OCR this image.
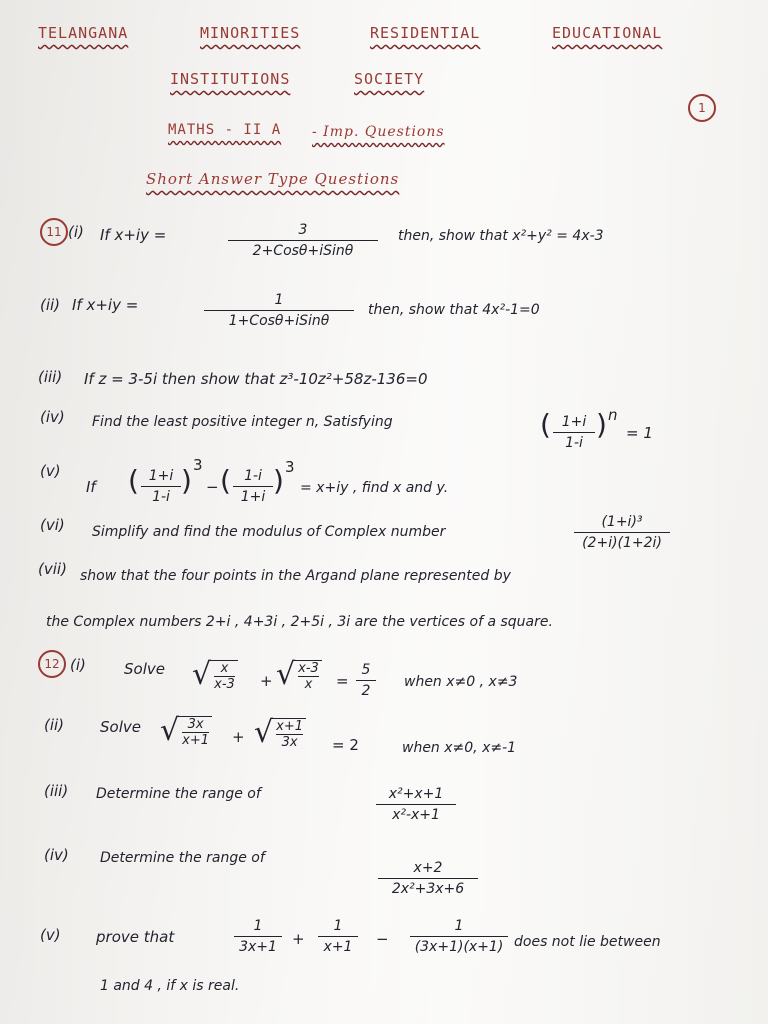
TELANGANA	MINORITIES	RESIDENTIAL	EDUCATIONAL
INSTITUTIONS	SOCIETY
1
MATHS - II A - Imp. Questions
Short Answer Type Questions
11 (i) If x+iy =	3
2+Cosθ+iSinθ
then, show that x²+y² = 4x-3
(ii) If x+iy =	1
1+Cosθ+iSinθ
then, show that 4x²-1=0
(iii) If z = 3-5i then show that z³-10z²+58z-136=0
(iv) Find the least positive integer n, Satisfying	( 1+i
1-i
) n
= 1
(v)
If ( 1+i
1-i ) 3
− ( 1-i
1+i ) 3
= x+iy , find x and y.
(vi) Simplify and find the modulus of Complex number
(1+i)³
(2+i)(1+2i)
(vii) show that the four points in the Argand plane represented by
the Complex numbers 2+i , 4+3i , 2+5i , 3i are the vertices of a square.
12 (i)	Solve √ x
x-3 + √ x-3
x =
5
2
when x≠0 , x≠3
(ii) Solve √ 3x
x+1 + √ x+1
3x = 2	when x≠0, x≠-1
(iii) Determine the range of	x²+x+1
x²-x+1
(iv) Determine the range of
x+2
2x²+3x+6
(v) prove that
1
3x+1 +
1
x+1 −
1
(3x+1)(x+1) does not lie between
1 and 4 , if x is real.
